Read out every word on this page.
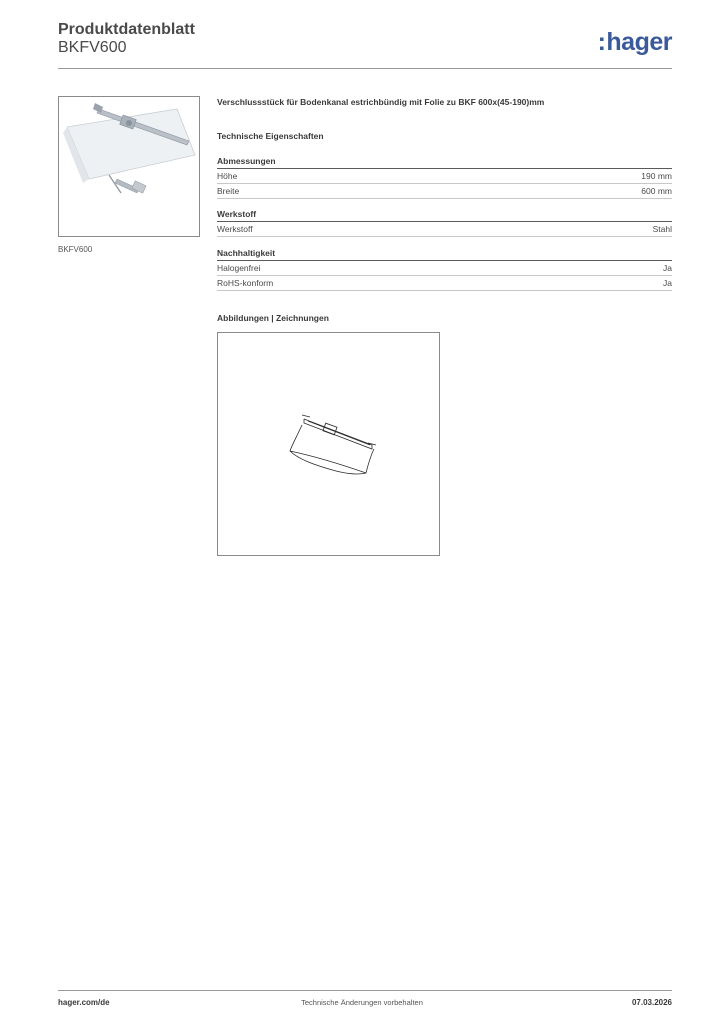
Produktdatenblatt
BKFV600	:hager
BKFV600
Verschlussstück für Bodenkanal estrichbündig mit Folie zu BKF 600x(45-190)mm
Technische Eigenschaften
Abmessungen
Höhe	190 mm
Breite	600 mm
Werkstoff
Werkstoff	Stahl
Nachhaltigkeit
Halogenfrei	Ja
RoHS-konform	Ja
Abbildungen | Zeichnungen
hager.com/de	Technische Änderungen vorbehalten	07.03.2026
